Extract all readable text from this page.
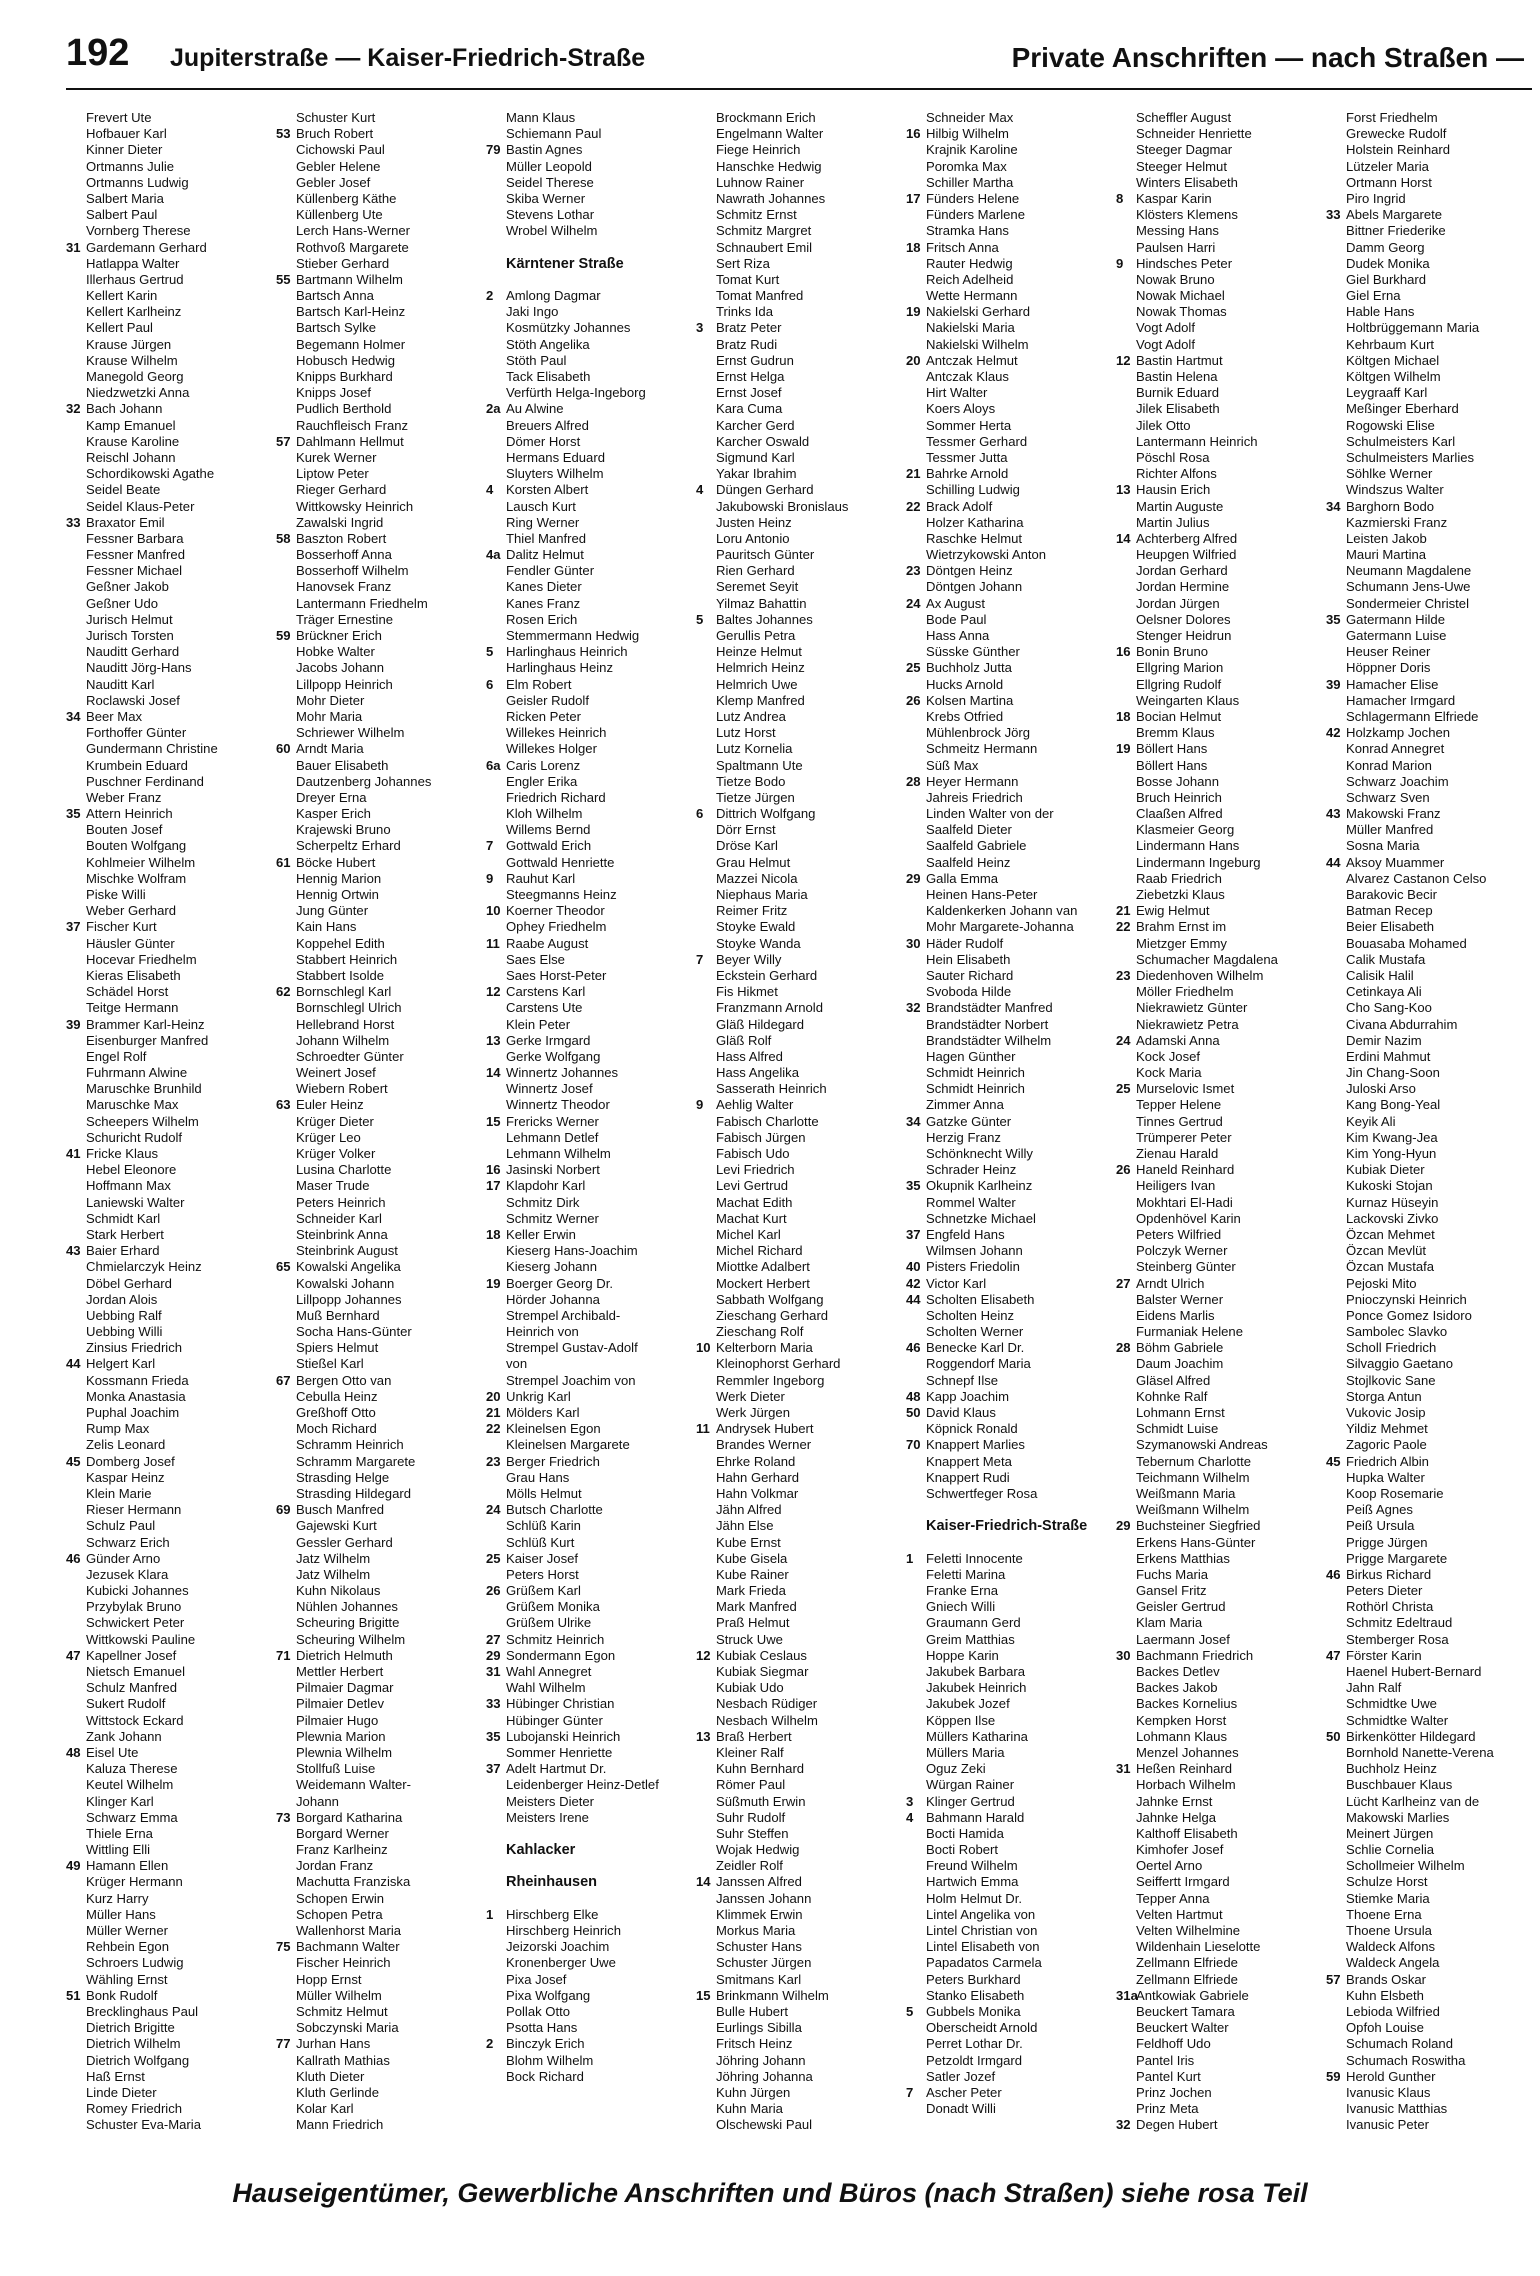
192 Jupiterstraße — Kaiser-Friedrich-Straße	Private Anschriften — nach Straßen —
Frevert Ute
Hofbauer Karl
Kinner Dieter
Ortmanns Julie
Ortmanns Ludwig
Salbert Maria
Salbert Paul
Vornberg Therese
31 Gardemann Gerhard
Hatlappa Walter
Illerhaus Gertrud
Kellert Karin
Kellert Karlheinz
Kellert Paul
Krause Jürgen
Krause Wilhelm
Manegold Georg
Niedzwetzki Anna
32 Bach Johann
Kamp Emanuel
Krause Karoline
Reischl Johann
Schordikowski Agathe
Seidel Beate
Seidel Klaus-Peter
33 Braxator Emil
Fessner Barbara
Fessner Manfred
Fessner Michael
Geßner Jakob
Geßner Udo
Jurisch Helmut
Jurisch Torsten
Nauditt Gerhard
Nauditt Jörg-Hans
Nauditt Karl
Roclawski Josef
34 Beer Max
Forthoffer Günter
Gundermann Christine
Krumbein Eduard
Puschner Ferdinand
Weber Franz
35 Attern Heinrich
Bouten Josef
Bouten Wolfgang
Kohlmeier Wilhelm
Mischke Wolfram
Piske Willi
Weber Gerhard
37 Fischer Kurt
Häusler Günter
Hocevar Friedhelm
Kieras Elisabeth
Schädel Horst
Teitge Hermann
39 Brammer Karl-Heinz
Eisenburger Manfred
Engel Rolf
Fuhrmann Alwine
Maruschke Brunhild
Maruschke Max
Scheepers Wilhelm
Schuricht Rudolf
41 Fricke Klaus
Hebel Eleonore
Hoffmann Max
Laniewski Walter
Schmidt Karl
Stark Herbert
43 Baier Erhard
Chmielarczyk Heinz
Döbel Gerhard
Jordan Alois
Uebbing Ralf
Uebbing Willi
Zinsius Friedrich
44 Helgert Karl
Kossmann Frieda
Monka Anastasia
Puphal Joachim
Rump Max
Zelis Leonard
45 Domberg Josef
Kaspar Heinz
Klein Marie
Rieser Hermann
Schulz Paul
Schwarz Erich
46 Günder Arno
Jezusek Klara
Kubicki Johannes
Przybylak Bruno
Schwickert Peter
Wittkowski Pauline
47 Kapellner Josef
Nietsch Emanuel
Schulz Manfred
Sukert Rudolf
Wittstock Eckard
Zank Johann
48 Eisel Ute
Kaluza Therese
Keutel Wilhelm
Klinger Karl
Schwarz Emma
Thiele Erna
Wittling Elli
49 Hamann Ellen
Krüger Hermann
Kurz Harry
Müller Hans
Müller Werner
Rehbein Egon
Schroers Ludwig
Wähling Ernst
51 Bonk Rudolf
Brecklinghaus Paul
Dietrich Brigitte
Dietrich Wilhelm
Dietrich Wolfgang
Haß Ernst
Linde Dieter
Romey Friedrich
Schuster Eva-Maria
Schuster Kurt
53 Bruch Robert
Cichowski Paul
Gebler Helene
Gebler Josef
Küllenberg Käthe
Küllenberg Ute
Lerch Hans-Werner
Rothvoß Margarete
Stieber Gerhard
55 Bartmann Wilhelm
Bartsch Anna
Bartsch Karl-Heinz
Bartsch Sylke
Begemann Holmer
Hobusch Hedwig
Knipps Burkhard
Knipps Josef
Pudlich Berthold
Rauchfleisch Franz
57 Dahlmann Hellmut
Kurek Werner
Liptow Peter
Rieger Gerhard
Wittkowsky Heinrich
Zawalski Ingrid
58 Baszton Robert
Bosserhoff Anna
Bosserhoff Wilhelm
Hanovsek Franz
Lantermann Friedhelm
Träger Ernestine
59 Brückner Erich
Hobke Walter
Jacobs Johann
Lillpopp Heinrich
Mohr Dieter
Mohr Maria
Schriewer Wilhelm
60 Arndt Maria
Bauer Elisabeth
Dautzenberg Johannes
Dreyer Erna
Kasper Erich
Krajewski Bruno
Scherpeltz Erhard
61 Böcke Hubert
Hennig Marion
Hennig Ortwin
Jung Günter
Kain Hans
Koppehel Edith
Stabbert Heinrich
Stabbert Isolde
62 Bornschlegl Karl
Bornschlegl Ulrich
Hellebrand Horst
Johann Wilhelm
Schroedter Günter
Weinert Josef
Wiebern Robert
63 Euler Heinz
Krüger Dieter
Krüger Leo
Krüger Volker
Lusina Charlotte
Maser Trude
Peters Heinrich
Schneider Karl
Steinbrink Anna
Steinbrink August
65 Kowalski Angelika
Kowalski Johann
Lillpopp Johannes
Muß Bernhard
Socha Hans-Günter
Spiers Helmut
Stießel Karl
67 Bergen Otto van
Cebulla Heinz
Greßhoff Otto
Moch Richard
Schramm Heinrich
Schramm Margarete
Strasding Helge
Strasding Hildegard
69 Busch Manfred
Gajewski Kurt
Gessler Gerhard
Jatz Wilhelm
Jatz Wilhelm
Kuhn Nikolaus
Nühlen Johannes
Scheuring Brigitte
Scheuring Wilhelm
71 Dietrich Helmuth
Mettler Herbert
Pilmaier Dagmar
Pilmaier Detlev
Pilmaier Hugo
Plewnia Marion
Plewnia Wilhelm
Stollfuß Luise
Weidemann Walter-
Johann
73 Borgard Katharina
Borgard Werner
Franz Karlheinz
Jordan Franz
Machutta Franziska
Schopen Erwin
Schopen Petra
Wallenhorst Maria
75 Bachmann Walter
Fischer Heinrich
Hopp Ernst
Müller Wilhelm
Schmitz Helmut
Sobczynski Maria
77 Jurhan Hans
Kallrath Mathias
Kluth Dieter
Kluth Gerlinde
Kolar Karl
Mann Friedrich
Mann Klaus
Schiemann Paul
79 Bastin Agnes
Müller Leopold
Seidel Therese
Skiba Werner
Stevens Lothar
Wrobel Wilhelm
Kärntener Straße
2 Amlong Dagmar
Jaki Ingo
Kosmützky Johannes
Stöth Angelika
Stöth Paul
Tack Elisabeth
Verfürth Helga-Ingeborg
2a Au Alwine
Breuers Alfred
Dömer Horst
Hermans Eduard
Sluyters Wilhelm
4 Korsten Albert
Lausch Kurt
Ring Werner
Thiel Manfred
4a Dalitz Helmut
Fendler Günter
Kanes Dieter
Kanes Franz
Rosen Erich
Stemmermann Hedwig
5 Harlinghaus Heinrich
Harlinghaus Heinz
6 Elm Robert
Geisler Rudolf
Ricken Peter
Willekes Heinrich
Willekes Holger
6a Caris Lorenz
Engler Erika
Friedrich Richard
Kloh Wilhelm
Willems Bernd
7 Gottwald Erich
Gottwald Henriette
9 Rauhut Karl
Steegmanns Heinz
10 Koerner Theodor
Ophey Friedhelm
11 Raabe August
Saes Else
Saes Horst-Peter
12 Carstens Karl
Carstens Ute
Klein Peter
13 Gerke Irmgard
Gerke Wolfgang
14 Winnertz Johannes
Winnertz Josef
Winnertz Theodor
15 Frericks Werner
Lehmann Detlef
Lehmann Wilhelm
16 Jasinski Norbert
17 Klapdohr Karl
Schmitz Dirk
Schmitz Werner
18 Keller Erwin
Kieserg Hans-Joachim
Kieserg Johann
19 Boerger Georg Dr.
Hörder Johanna
Strempel Archibald-
Heinrich von
Strempel Gustav-Adolf
von
Strempel Joachim von
20 Unkrig Karl
21 Mölders Karl
22 Kleinelsen Egon
Kleinelsen Margarete
23 Berger Friedrich
Grau Hans
Mölls Helmut
24 Butsch Charlotte
Schlüß Karin
Schlüß Kurt
25 Kaiser Josef
Peters Horst
26 Grüßem Karl
Grüßem Monika
Grüßem Ulrike
27 Schmitz Heinrich
29 Sondermann Egon
31 Wahl Annegret
Wahl Wilhelm
33 Hübinger Christian
Hübinger Günter
35 Lubojanski Heinrich
Sommer Henriette
37 Adelt Hartmut Dr.
Leidenberger Heinz-Detlef
Meisters Dieter
Meisters Irene
Kahlacker
Rheinhausen
1 Hirschberg Elke
Hirschberg Heinrich
Jeizorski Joachim
Kronenberger Uwe
Pixa Josef
Pixa Wolfgang
Pollak Otto
Psotta Hans
2 Binczyk Erich
Blohm Wilhelm
Bock Richard
Brockmann Erich
Engelmann Walter
Fiege Heinrich
Hanschke Hedwig
Luhnow Rainer
Nawrath Johannes
Schmitz Ernst
Schmitz Margret
Schnaubert Emil
Sert Riza
Tomat Kurt
Tomat Manfred
Trinks Ida
3 Bratz Peter
Bratz Rudi
Ernst Gudrun
Ernst Helga
Ernst Josef
Kara Cuma
Karcher Gerd
Karcher Oswald
Sigmund Karl
Yakar Ibrahim
4 Düngen Gerhard
Jakubowski Bronislaus
Justen Heinz
Loru Antonio
Pauritsch Günter
Rien Gerhard
Seremet Seyit
Yilmaz Bahattin
5 Baltes Johannes
Gerullis Petra
Heinze Helmut
Helmrich Heinz
Helmrich Uwe
Klemp Manfred
Lutz Andrea
Lutz Horst
Lutz Kornelia
Spaltmann Ute
Tietze Bodo
Tietze Jürgen
6 Dittrich Wolfgang
Dörr Ernst
Dröse Karl
Grau Helmut
Mazzei Nicola
Niephaus Maria
Reimer Fritz
Stoyke Ewald
Stoyke Wanda
7 Beyer Willy
Eckstein Gerhard
Fis Hikmet
Franzmann Arnold
Gläß Hildegard
Gläß Rolf
Hass Alfred
Hass Angelika
Sasserath Heinrich
9 Aehlig Walter
Fabisch Charlotte
Fabisch Jürgen
Fabisch Udo
Levi Friedrich
Levi Gertrud
Machat Edith
Machat Kurt
Michel Karl
Michel Richard
Miottke Adalbert
Mockert Herbert
Sabbath Wolfgang
Zieschang Gerhard
Zieschang Rolf
10 Kelterborn Maria
Kleinophorst Gerhard
Remmler Ingeborg
Werk Dieter
Werk Jürgen
11 Andrysek Hubert
Brandes Werner
Ehrke Roland
Hahn Gerhard
Hahn Volkmar
Jähn Alfred
Jähn Else
Kube Ernst
Kube Gisela
Kube Rainer
Mark Frieda
Mark Manfred
Praß Helmut
Struck Uwe
12 Kubiak Ceslaus
Kubiak Siegmar
Kubiak Udo
Nesbach Rüdiger
Nesbach Wilhelm
13 Braß Herbert
Kleiner Ralf
Kuhn Bernhard
Römer Paul
Süßmuth Erwin
Suhr Rudolf
Suhr Steffen
Wojak Hedwig
Zeidler Rolf
14 Janssen Alfred
Janssen Johann
Klimmek Erwin
Morkus Maria
Schuster Hans
Schuster Jürgen
Smitmans Karl
15 Brinkmann Wilhelm
Bulle Hubert
Eurlings Sibilla
Fritsch Heinz
Jöhring Johann
Jöhring Johanna
Kuhn Jürgen
Kuhn Maria
Olschewski Paul
Schneider Max
16 Hilbig Wilhelm
Krajnik Karoline
Poromka Max
Schiller Martha
17 Fünders Helene
Fünders Marlene
Stramka Hans
18 Fritsch Anna
Rauter Hedwig
Reich Adelheid
Wette Hermann
19 Nakielski Gerhard
Nakielski Maria
Nakielski Wilhelm
20 Antczak Helmut
Antczak Klaus
Hirt Walter
Koers Aloys
Sommer Herta
Tessmer Gerhard
Tessmer Jutta
21 Bahrke Arnold
Schilling Ludwig
22 Brack Adolf
Holzer Katharina
Raschke Helmut
Wietrzykowski Anton
23 Döntgen Heinz
Döntgen Johann
24 Ax August
Bode Paul
Hass Anna
Süsske Günther
25 Buchholz Jutta
Hucks Arnold
26 Kolsen Martina
Krebs Otfried
Mühlenbrock Jörg
Schmeitz Hermann
Süß Max
28 Heyer Hermann
Jahreis Friedrich
Linden Walter von der
Saalfeld Dieter
Saalfeld Gabriele
Saalfeld Heinz
29 Galla Emma
Heinen Hans-Peter
Kaldenkerken Johann van
Mohr Margarete-Johanna
30 Häder Rudolf
Hein Elisabeth
Sauter Richard
Svoboda Hilde
32 Brandstädter Manfred
Brandstädter Norbert
Brandstädter Wilhelm
Hagen Günther
Schmidt Heinrich
Schmidt Heinrich
Zimmer Anna
34 Gatzke Günter
Herzig Franz
Schönknecht Willy
Schrader Heinz
35 Okupnik Karlheinz
Rommel Walter
Schnetzke Michael
37 Engfeld Hans
Wilmsen Johann
40 Pisters Friedolin
42 Victor Karl
44 Scholten Elisabeth
Scholten Heinz
Scholten Werner
46 Benecke Karl Dr.
Roggendorf Maria
Schnepf Ilse
48 Kapp Joachim
50 David Klaus
Köpnick Ronald
70 Knappert Marlies
Knappert Meta
Knappert Rudi
Schwertfeger Rosa
Kaiser-Friedrich-Straße
1 Feletti Innocente
Feletti Marina
Franke Erna
Gniech Willi
Graumann Gerd
Greim Matthias
Hoppe Karin
Jakubek Barbara
Jakubek Heinrich
Jakubek Jozef
Köppen Ilse
Müllers Katharina
Müllers Maria
Oguz Zeki
Würgan Rainer
3 Klinger Gertrud
4 Bahmann Harald
Bocti Hamida
Bocti Robert
Freund Wilhelm
Hartwich Emma
Holm Helmut Dr.
Lintel Angelika von
Lintel Christian von
Lintel Elisabeth von
Papadatos Carmela
Peters Burkhard
Stanko Elisabeth
5 Gubbels Monika
Oberscheidt Arnold
Perret Lothar Dr.
Petzoldt Irmgard
Satler Jozef
7 Ascher Peter
Donadt Willi
Scheffler August
Schneider Henriette
Steeger Dagmar
Steeger Helmut
Winters Elisabeth
8 Kaspar Karin
Klösters Klemens
Messing Hans
Paulsen Harri
9 Hindsches Peter
Nowak Bruno
Nowak Michael
Nowak Thomas
Vogt Adolf
Vogt Adolf
12 Bastin Hartmut
Bastin Helena
Burnik Eduard
Jilek Elisabeth
Jilek Otto
Lantermann Heinrich
Pöschl Rosa
Richter Alfons
13 Hausin Erich
Martin Auguste
Martin Julius
14 Achterberg Alfred
Heupgen Wilfried
Jordan Gerhard
Jordan Hermine
Jordan Jürgen
Oelsner Dolores
Stenger Heidrun
16 Bonin Bruno
Ellgring Marion
Ellgring Rudolf
Weingarten Klaus
18 Bocian Helmut
Bremm Klaus
19 Böllert Hans
Böllert Hans
Bosse Johann
Bruch Heinrich
Claaßen Alfred
Klasmeier Georg
Lindermann Hans
Lindermann Ingeburg
Raab Friedrich
Ziebetzki Klaus
21 Ewig Helmut
22 Brahm Ernst im
Mietzger Emmy
Schumacher Magdalena
23 Diedenhoven Wilhelm
Möller Friedhelm
Niekrawietz Günter
Niekrawietz Petra
24 Adamski Anna
Kock Josef
Kock Maria
25 Murselovic Ismet
Tepper Helene
Tinnes Gertrud
Trümperer Peter
Zienau Harald
26 Haneld Reinhard
Heiligers Ivan
Mokhtari El-Hadi
Opdenhövel Karin
Peters Wilfried
Polczyk Werner
Steinberg Günter
27 Arndt Ulrich
Balster Werner
Eidens Marlis
Furmaniak Helene
28 Böhm Gabriele
Daum Joachim
Gläsel Alfred
Kohnke Ralf
Lohmann Ernst
Schmidt Luise
Szymanowski Andreas
Tebernum Charlotte
Teichmann Wilhelm
Weißmann Maria
Weißmann Wilhelm
29 Buchsteiner Siegfried
Erkens Hans-Günter
Erkens Matthias
Fuchs Maria
Gansel Fritz
Geisler Gertrud
Klam Maria
Laermann Josef
30 Bachmann Friedrich
Backes Detlev
Backes Jakob
Backes Kornelius
Kempken Horst
Lohmann Klaus
Menzel Johannes
31 Heßen Reinhard
Horbach Wilhelm
Jahnke Ernst
Jahnke Helga
Kalthoff Elisabeth
Kimhofer Josef
Oertel Arno
Seiffertt Irmgard
Tepper Anna
Velten Hartmut
Velten Wilhelmine
Wildenhain Lieselotte
Zellmann Elfriede
Zellmann Elfriede
31a
Antkowiak Gabriele
Beuckert Tamara
Beuckert Walter
Feldhoff Udo
Pantel Iris
Pantel Kurt
Prinz Jochen
Prinz Meta
32 Degen Hubert
Forst Friedhelm
Grewecke Rudolf
Holstein Reinhard
Lützeler Maria
Ortmann Horst
Piro Ingrid
33 Abels Margarete
Bittner Friederike
Damm Georg
Dudek Monika
Giel Burkhard
Giel Erna
Hable Hans
Holtbrüggemann Maria
Kehrbaum Kurt
Költgen Michael
Költgen Wilhelm
Leygraaff Karl
Meßinger Eberhard
Rogowski Elise
Schulmeisters Karl
Schulmeisters Marlies
Söhlke Werner
Windszus Walter
34 Barghorn Bodo
Kazmierski Franz
Leisten Jakob
Mauri Martina
Neumann Magdalene
Schumann Jens-Uwe
Sondermeier Christel
35 Gatermann Hilde
Gatermann Luise
Heuser Reiner
Höppner Doris
39 Hamacher Elise
Hamacher Irmgard
Schlagermann Elfriede
42 Holzkamp Jochen
Konrad Annegret
Konrad Marion
Schwarz Joachim
Schwarz Sven
43 Makowski Franz
Müller Manfred
Sosna Maria
44 Aksoy Muammer
Alvarez Castanon Celso
Barakovic Becir
Batman Recep
Beier Elisabeth
Bouasaba Mohamed
Calik Mustafa
Calisik Halil
Cetinkaya Ali
Cho Sang-Koo
Civana Abdurrahim
Demir Nazim
Erdini Mahmut
Jin Chang-Soon
Juloski Arso
Kang Bong-Yeal
Keyik Ali
Kim Kwang-Jea
Kim Yong-Hyun
Kubiak Dieter
Kukoski Stojan
Kurnaz Hüseyin
Lackovski Zivko
Özcan Mehmet
Özcan Mevlüt
Özcan Mustafa
Pejoski Mito
Pnioczynski Heinrich
Ponce Gomez Isidoro
Sambolec Slavko
Scholl Friedrich
Silvaggio Gaetano
Stojlkovic Sane
Storga Antun
Vukovic Josip
Yildiz Mehmet
Zagoric Paole
45 Friedrich Albin
Hupka Walter
Koop Rosemarie
Peiß Agnes
Peiß Ursula
Prigge Jürgen
Prigge Margarete
46 Birkus Richard
Peters Dieter
Rothörl Christa
Schmitz Edeltraud
Stemberger Rosa
47 Förster Karin
Haenel Hubert-Bernard
Jahn Ralf
Schmidtke Uwe
Schmidtke Walter
50 Birkenkötter Hildegard
Bornhold Nanette-Verena
Buchholz Heinz
Buschbauer Klaus
Lücht Karlheinz van de
Makowski Marlies
Meinert Jürgen
Schlie Cornelia
Schollmeier Wilhelm
Schulze Horst
Stiemke Maria
Thoene Erna
Thoene Ursula
Waldeck Alfons
Waldeck Angela
57 Brands Oskar
Kuhn Elsbeth
Lebioda Wilfried
Opfoh Louise
Schumach Roland
Schumach Roswitha
59 Herold Gunther
Ivanusic Klaus
Ivanusic Matthias
Ivanusic Peter
Hauseigentümer, Gewerbliche Anschriften und Büros (nach Straßen) siehe rosa Teil
